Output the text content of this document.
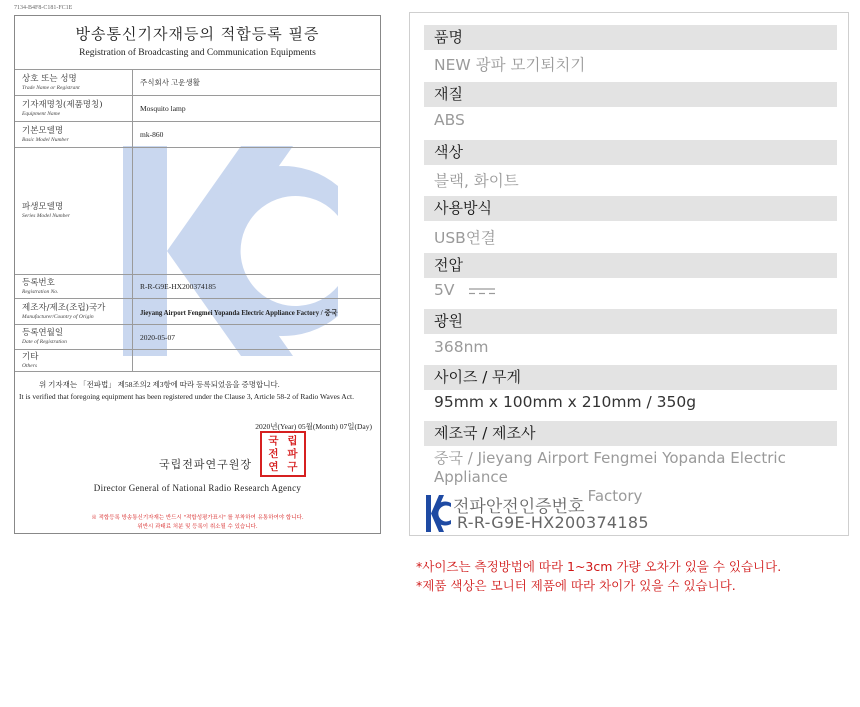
7134-B4F8-C181-FC1E
방송통신기자재등의 적합등록 필증
Registration of Broadcasting and Communication Equipments
상호 또는 성명
Trade Name or Registrant	주식회사 고운생활

기자재명칭(제품명칭)
Equipment Name	Mosquito lamp

기본모델명
Basic Model Number	mk-860

파생모델명
Series Model Number	

등록번호
Registration No.	R-R-G9E-HX200374185

제조자/제조(조립)국가
Manufacturer/Country of Origin	Jieyang Airport Fengmei Yopanda Electric Appliance Factory / 중국

등록연월일
Date of Registration	2020-05-07

기타
Others	

위 기자재는 「전파법」 제58조의2 제3항에 따라 등록되었음을 증명합니다.
It is verified that foregoing equipment has been registered under the Clause 3, Article 58-2 of Radio Waves Act.
2020년(Year) 05월(Month) 07일(Day)
국립전파연구원장
국 립
전 파
연 구
Director General of National Radio Research Agency
※ 적합등록 방송통신기자재는 반드시 "적합성평가표시" 를 부착하여 유통하여야 합니다.
위반시 과태료 처분 및 등록이 취소될 수 있습니다.
품명
NEW 광파 모기퇴치기
재질
ABS
색상
블랙, 화이트
사용방식
USB연결
전압
5V
광원
368nm
사이즈 / 무게
95mm x 100mm x 210mm / 350g
제조국 / 제조사
중국 / Jieyang Airport Fengmei Yopanda Electric Appliance
Factory
전파안전인증번호
R-R-G9E-HX200374185
*사이즈는 측정방법에 따라 1~3cm 가량 오차가 있을 수 있습니다.
*제품 색상은 모니터 제품에 따라 차이가 있을 수 있습니다.
